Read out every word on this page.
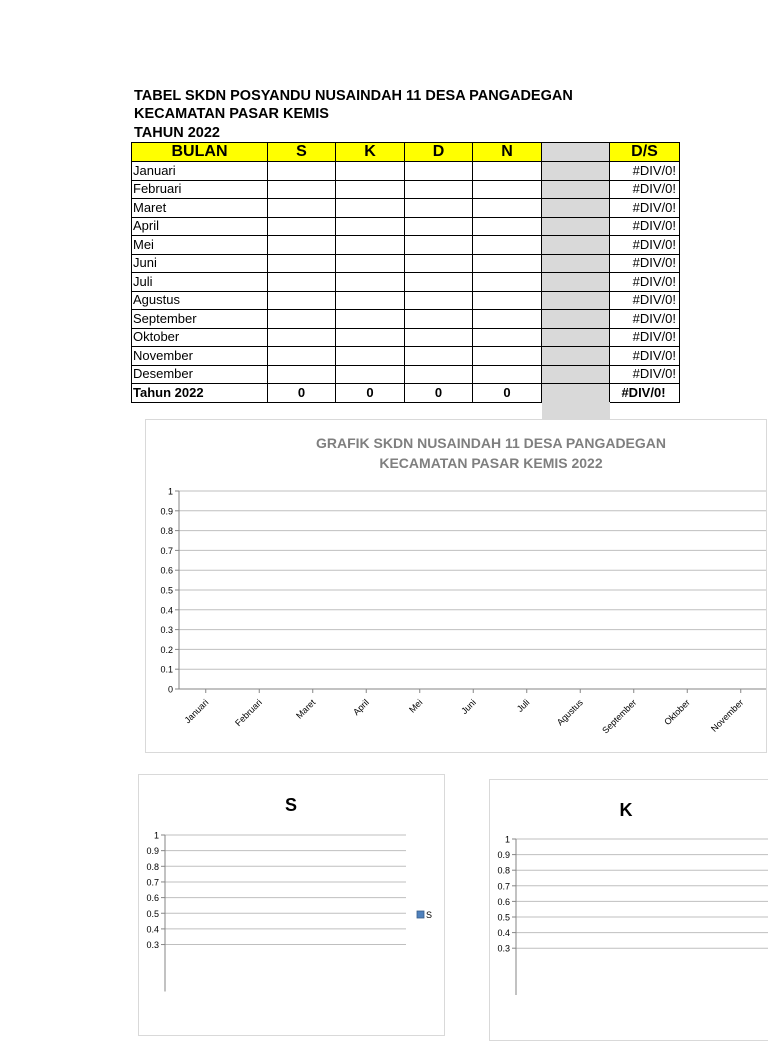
TABEL SKDN POSYANDU NUSAINDAH 11 DESA PANGADEGAN
KECAMATAN PASAR KEMIS
TAHUN 2022
BULAN	S	K	D	N		D/S
Januari						#DIV/0!
Februari						#DIV/0!
Maret						#DIV/0!
April						#DIV/0!
Mei						#DIV/0!
Juni						#DIV/0!
Juli						#DIV/0!
Agustus						#DIV/0!
September						#DIV/0!
Oktober						#DIV/0!
November						#DIV/0!
Desember						#DIV/0!
Tahun 2022	0	0	0	0		#DIV/0!
GRAFIK SKDN NUSAINDAH 11 DESA PANGADEGAN
KECAMATAN PASAR KEMIS 2022
1
0.9
0.8
0.7
0.6
0.5
0.4
0.3
0.2
0.1
0
Januari	Februari	Maret	April	Mei	Juni	Juli	Agustus September	Oktober November
S
1
0.9
0.8
0.7
0.6
0.5
0.4
0.3
S
K
1
0.9
0.8
0.7
0.6
0.5
0.4
0.3
